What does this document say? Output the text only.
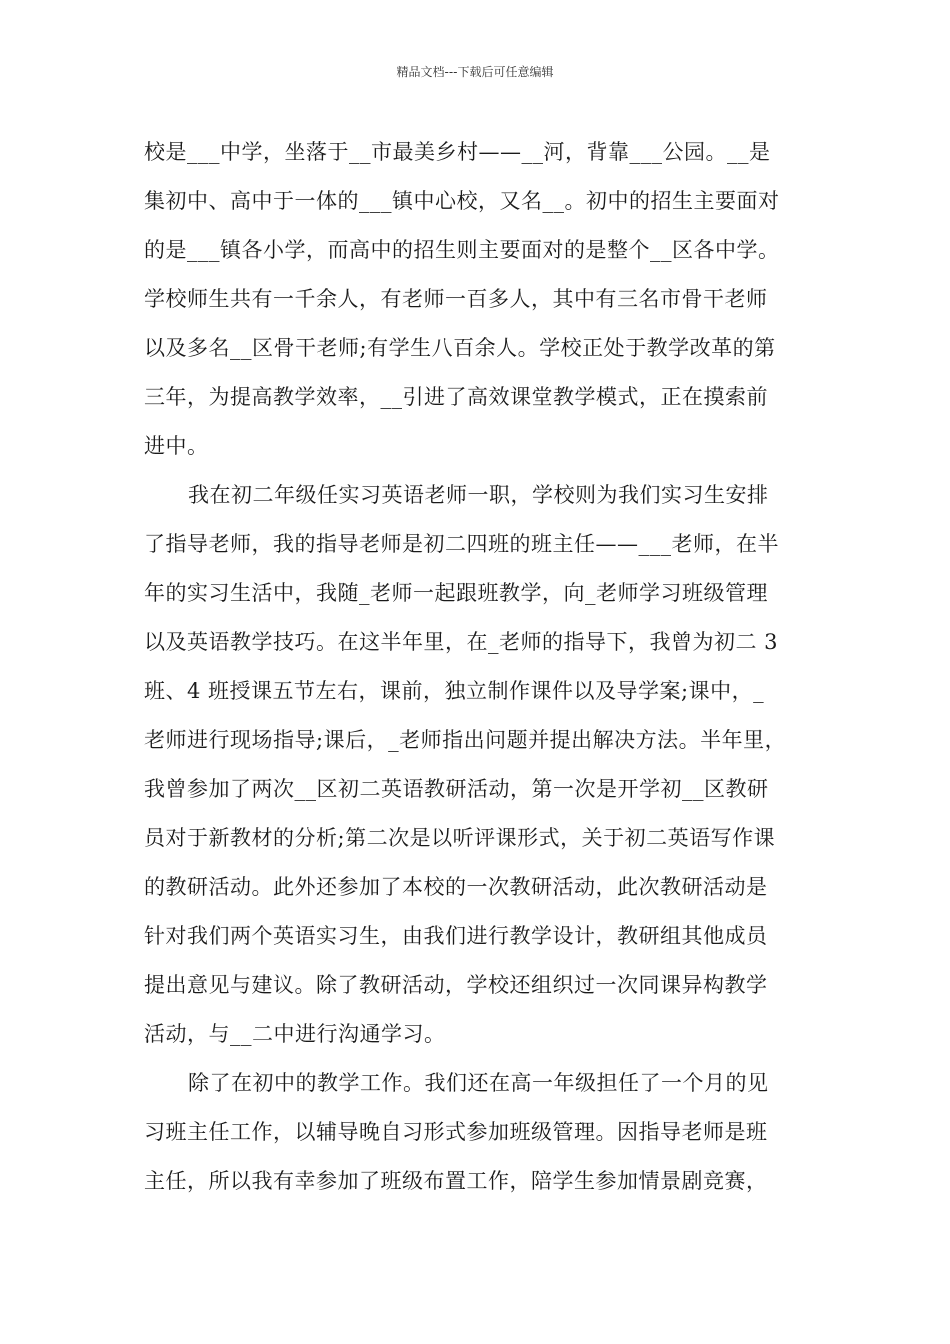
精品文档---下载后可任意编辑
校是___中学，坐落于__市最美乡村——__河，背靠___公园。__是
集初中、高中于一体的___镇中心校，又名__。初中的招生主要面对
的是___镇各小学，而高中的招生则主要面对的是整个__区各中学。
学校师生共有一千余人，有老师一百多人，其中有三名市骨干老师
以及多名__区骨干老师;有学生八百余人。学校正处于教学改革的第
三年，为提高教学效率，__引进了高效课堂教学模式，正在摸索前
进中。
我在初二年级任实习英语老师一职，学校则为我们实习生安排
了指导老师，我的指导老师是初二四班的班主任——___老师，在半
年的实习生活中，我随_老师一起跟班教学，向_老师学习班级管理
以及英语教学技巧。在这半年里，在_老师的指导下，我曾为初二 3
班、4 班授课五节左右，课前，独立制作课件以及导学案;课中，_
老师进行现场指导;课后，_老师指出问题并提出解决方法。半年里，
我曾参加了两次__区初二英语教研活动，第一次是开学初__区教研
员对于新教材的分析;第二次是以听评课形式，关于初二英语写作课
的教研活动。此外还参加了本校的一次教研活动，此次教研活动是
针对我们两个英语实习生，由我们进行教学设计，教研组其他成员
提出意见与建议。除了教研活动，学校还组织过一次同课异构教学
活动，与__二中进行沟通学习。
除了在初中的教学工作。我们还在高一年级担任了一个月的见
习班主任工作，以辅导晚自习形式参加班级管理。因指导老师是班
主任，所以我有幸参加了班级布置工作，陪学生参加情景剧竞赛，
